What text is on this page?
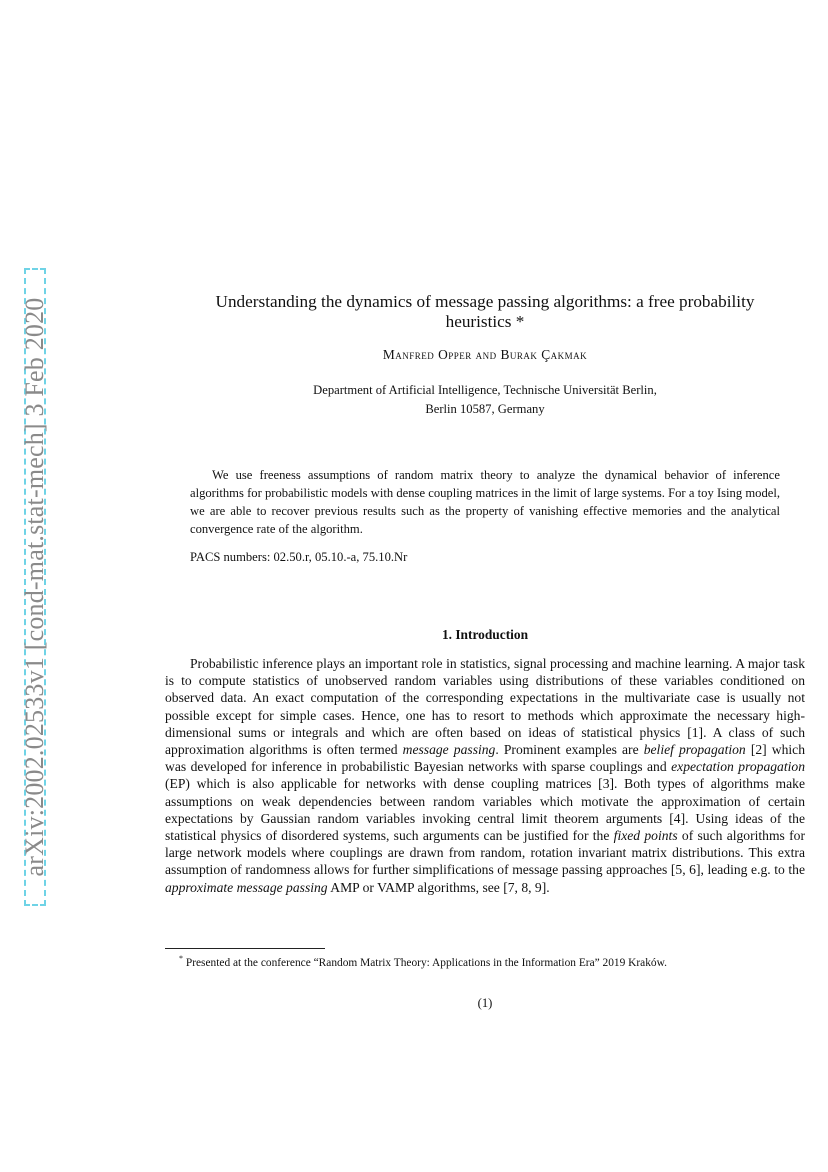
arXiv:2002.02533v1 [cond-mat.stat-mech] 3 Feb 2020	Understanding the dynamics of message passing algorithms: a free probability heuristics *
Manfred Opper and Burak Çakmak
Department of Artificial Intelligence, Technische Universität Berlin,
Berlin 10587, Germany

We use freeness assumptions of random matrix theory to analyze the dynamical behavior of inference algorithms for probabilistic models with dense coupling matrices in the limit of large systems. For a toy Ising model, we are able to recover previous results such as the property of vanishing effective memories and the analytical convergence rate of the algorithm.

PACS numbers: 02.50.r, 05.10.-a, 75.10.Nr
1. Introduction

Probabilistic inference plays an important role in statistics, signal processing and machine learning. A major task is to compute statistics of unobserved random variables using distributions of these variables conditioned on observed data. An exact computation of the corresponding expectations in the multivariate case is usually not possible except for simple cases. Hence, one has to resort to methods which approximate the necessary high-dimensional sums or integrals and which are often based on ideas of statistical physics [1]. A class of such approximation algorithms is often termed message passing. Prominent examples are belief propagation [2] which was developed for inference in probabilistic Bayesian networks with sparse couplings and expectation propagation (EP) which is also applicable for networks with dense coupling matrices [3]. Both types of algorithms make assumptions on weak dependencies between random variables which motivate the approximation of certain expectations by Gaussian random variables invoking central limit theorem arguments [4]. Using ideas of the statistical physics of disordered systems, such arguments can be justified for the fixed points of such algorithms for large network models where couplings are drawn from random, rotation invariant matrix distributions. This extra assumption of randomness allows for further simplifications of message passing approaches [5, 6], leading e.g. to the approximate message passing AMP or VAMP algorithms, see [7, 8, 9].

* Presented at the conference “Random Matrix Theory: Applications in the Information Era” 2019 Kraków.
(1)
